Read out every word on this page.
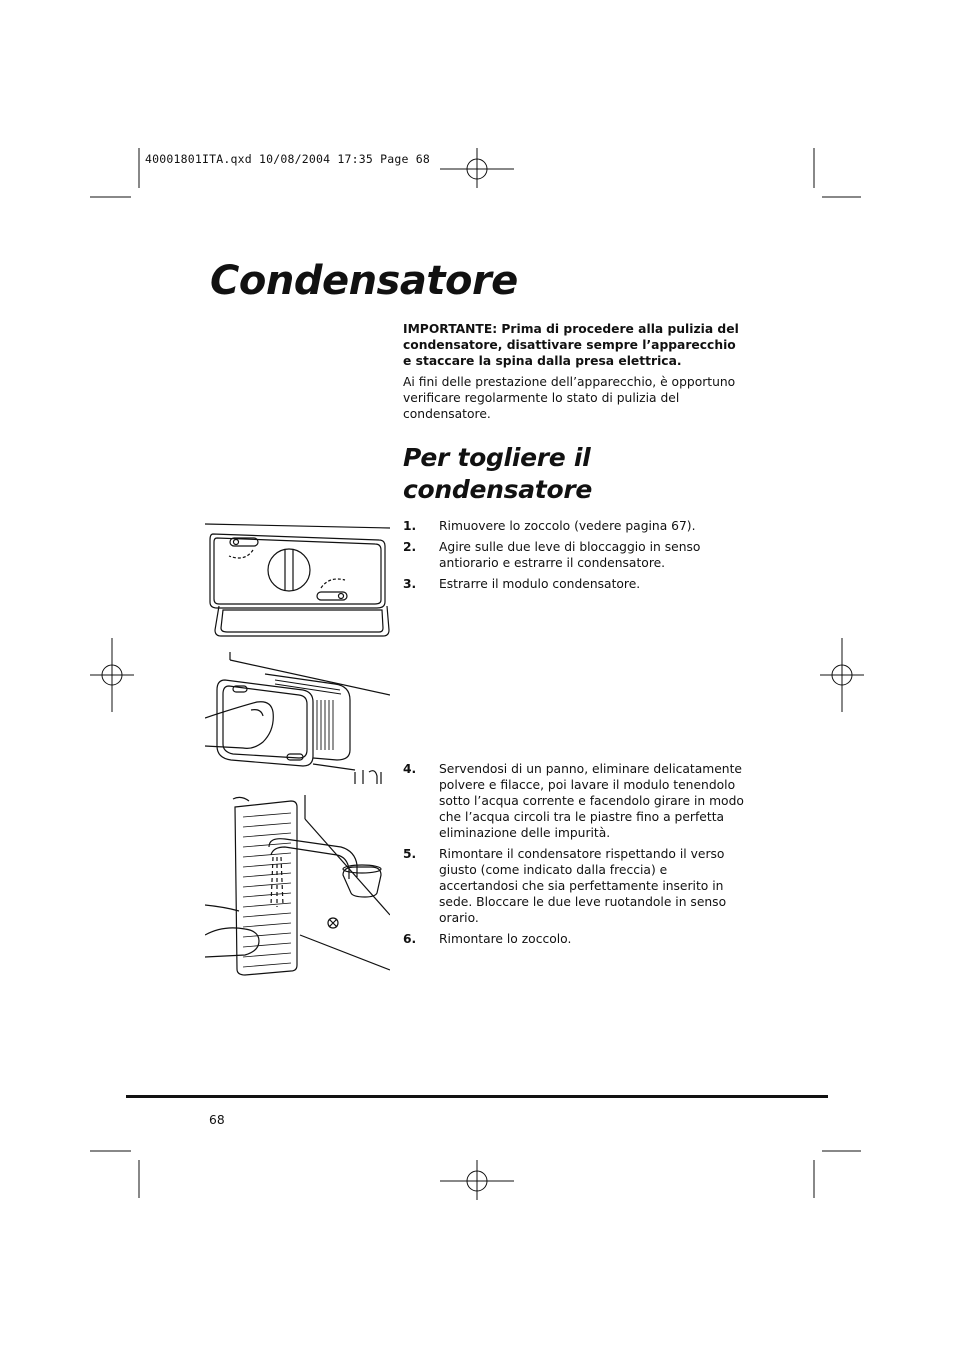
40001801ITA.qxd 10/08/2004 17:35 Page 68
Condensatore

IMPORTANTE: Prima di procedere alla pulizia del condensatore, disattivare sempre l’apparecchio e staccare la spina dalla presa elettrica.

Ai fini delle prestazione dell’apparecchio, è opportuno verificare regolarmente lo stato di pulizia del condensatore.

Per togliere il
condensatore
1.	Rimuovere lo zoccolo (vedere pagina 67).
2.	Agire sulle due leve di bloccaggio in senso antiorario e estrarre il condensatore.
3.	Estrarre il modulo condensatore.
4.	Servendosi di un panno, eliminare delicatamente polvere e filacce, poi lavare il modulo tenendolo sotto l’acqua corrente e facendolo girare in modo che l’acqua circoli tra le piastre fino a perfetta eliminazione delle impurità.
5.	Rimontare il condensatore rispettando il verso giusto (come indicato dalla freccia) e accertandosi che sia perfettamente inserito in sede. Bloccare le due leve ruotandole in senso orario.
6.	Rimontare lo zoccolo.
68
